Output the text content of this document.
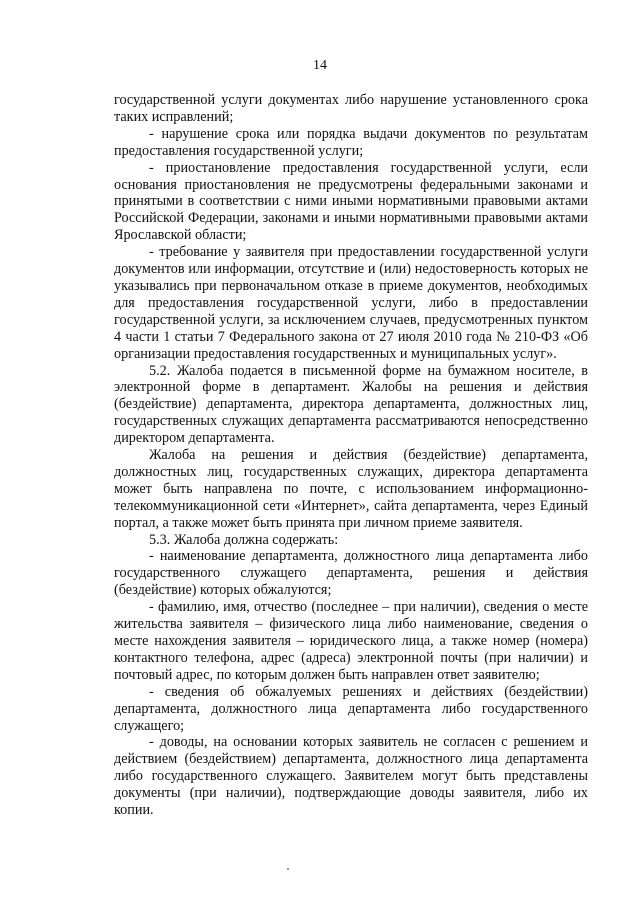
14

государственной услуги документах либо нарушение установленного срока таких исправлений;

- нарушение срока или порядка выдачи документов по результатам предоставления государственной услуги;

- приостановление предоставления государственной услуги, если основания приостановления не предусмотрены федеральными законами и принятыми в соответствии с ними иными нормативными правовыми актами Российской Федерации, законами и иными нормативными правовыми актами Ярославской области;

- требование у заявителя при предоставлении государственной услуги документов или информации, отсутствие и (или) недостоверность которых не указывались при первоначальном отказе в приеме документов, необходимых для предоставления государственной услуги, либо в предоставлении государственной услуги, за исключением случаев, предусмотренных пунктом 4 части 1 статьи 7 Федерального закона от 27 июля 2010 года № 210-ФЗ «Об организации предоставления государственных и муниципальных услуг».

5.2. Жалоба подается в письменной форме на бумажном носителе, в электронной форме в департамент. Жалобы на решения и действия (бездействие) департамента, директора департамента, должностных лиц, государственных служащих департамента рассматриваются непосредственно директором департамента.

Жалоба на решения и действия (бездействие) департамента, должностных лиц, государственных служащих, директора департамента может быть направлена по почте, с использованием информационно-телекоммуникационной сети «Интернет», сайта департамента, через Единый портал, а также может быть принята при личном приеме заявителя.

5.3. Жалоба должна содержать:

- наименование департамента, должностного лица департамента либо государственного служащего департамента, решения и действия (бездействие) которых обжалуются;

- фамилию, имя, отчество (последнее – при наличии), сведения о месте жительства заявителя – физического лица либо наименование, сведения о месте нахождения заявителя – юридического лица, а также номер (номера) контактного телефона, адрес (адреса) электронной почты (при наличии) и почтовый адрес, по которым должен быть направлен ответ заявителю;

- сведения об обжалуемых решениях и действиях (бездействии) департамента, должностного лица департамента либо государственного служащего;

- доводы, на основании которых заявитель не согласен с решением и действием (бездействием) департамента, должностного лица департамента либо государственного служащего. Заявителем могут быть представлены документы (при наличии), подтверждающие доводы заявителя, либо их копии.
